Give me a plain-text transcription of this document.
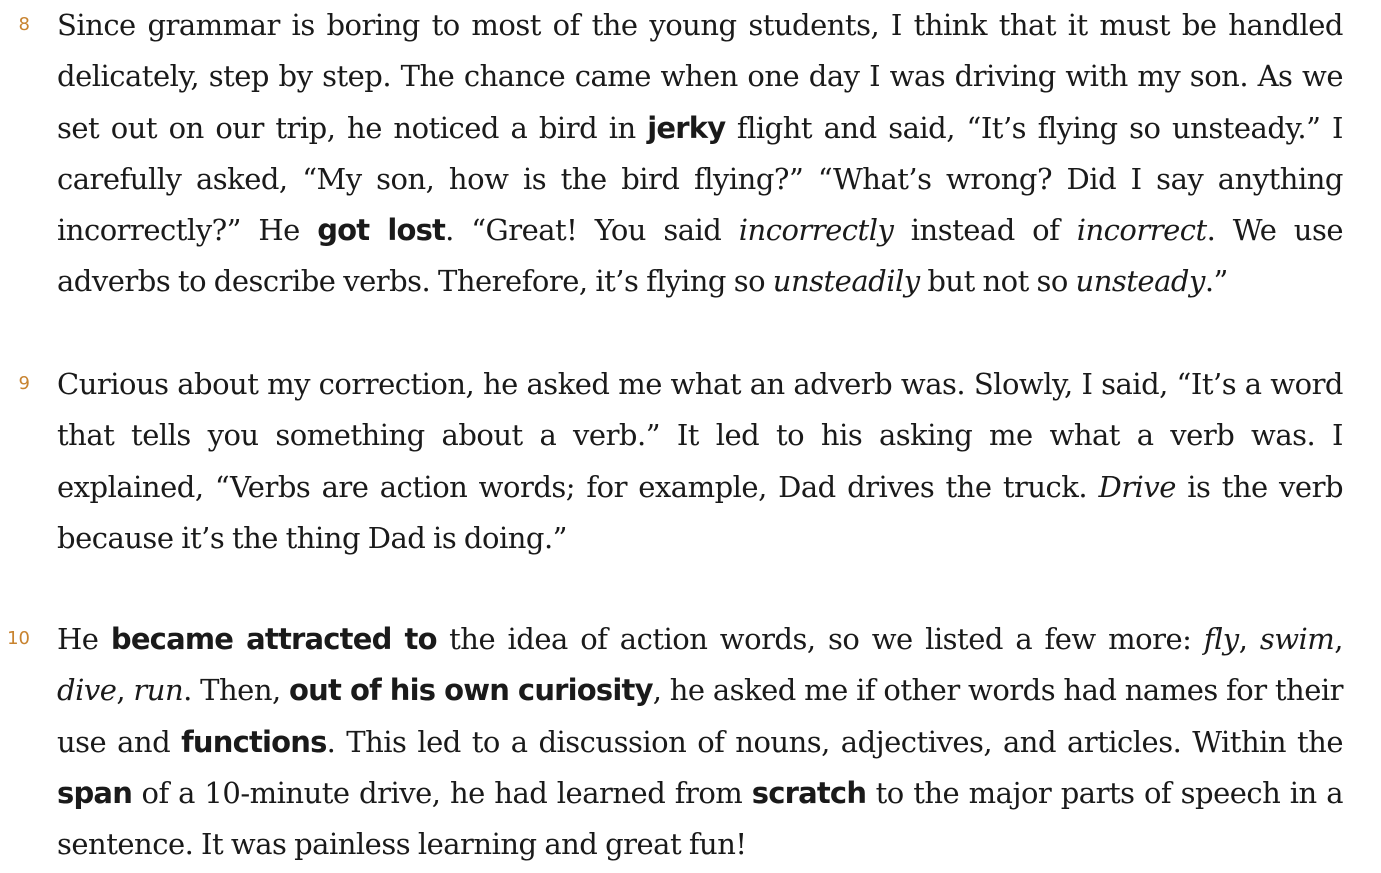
8 Since grammar is boring to most of the young students, I think that it must be handled delicately, step by step. The chance came when one day I was driving with my son. As we set out on our trip, he noticed a bird in jerky flight and said, “It’s flying so unsteady.” I carefully asked, “My son, how is the bird flying?” “What’s wrong? Did I say anything incorrectly?” He got lost. “Great! You said incorrectly instead of incorrect. We use adverbs to describe verbs. Therefore, it’s flying so unsteadily but not so unsteady.”
9 Curious about my correction, he asked me what an adverb was. Slowly, I said, “It’s a word that tells you something about a verb.” It led to his asking me what a verb was. I explained, “Verbs are action words; for example, Dad drives the truck. Drive is the verb because it’s the thing Dad is doing.”
10 He became attracted to the idea of action words, so we listed a few more: fly, swim, dive, run. Then, out of his own curiosity, he asked me if other words had names for their use and functions. This led to a discussion of nouns, adjectives, and articles. Within the span of a 10-minute drive, he had learned from scratch to the major parts of speech in a sentence. It was painless learning and great fun!
